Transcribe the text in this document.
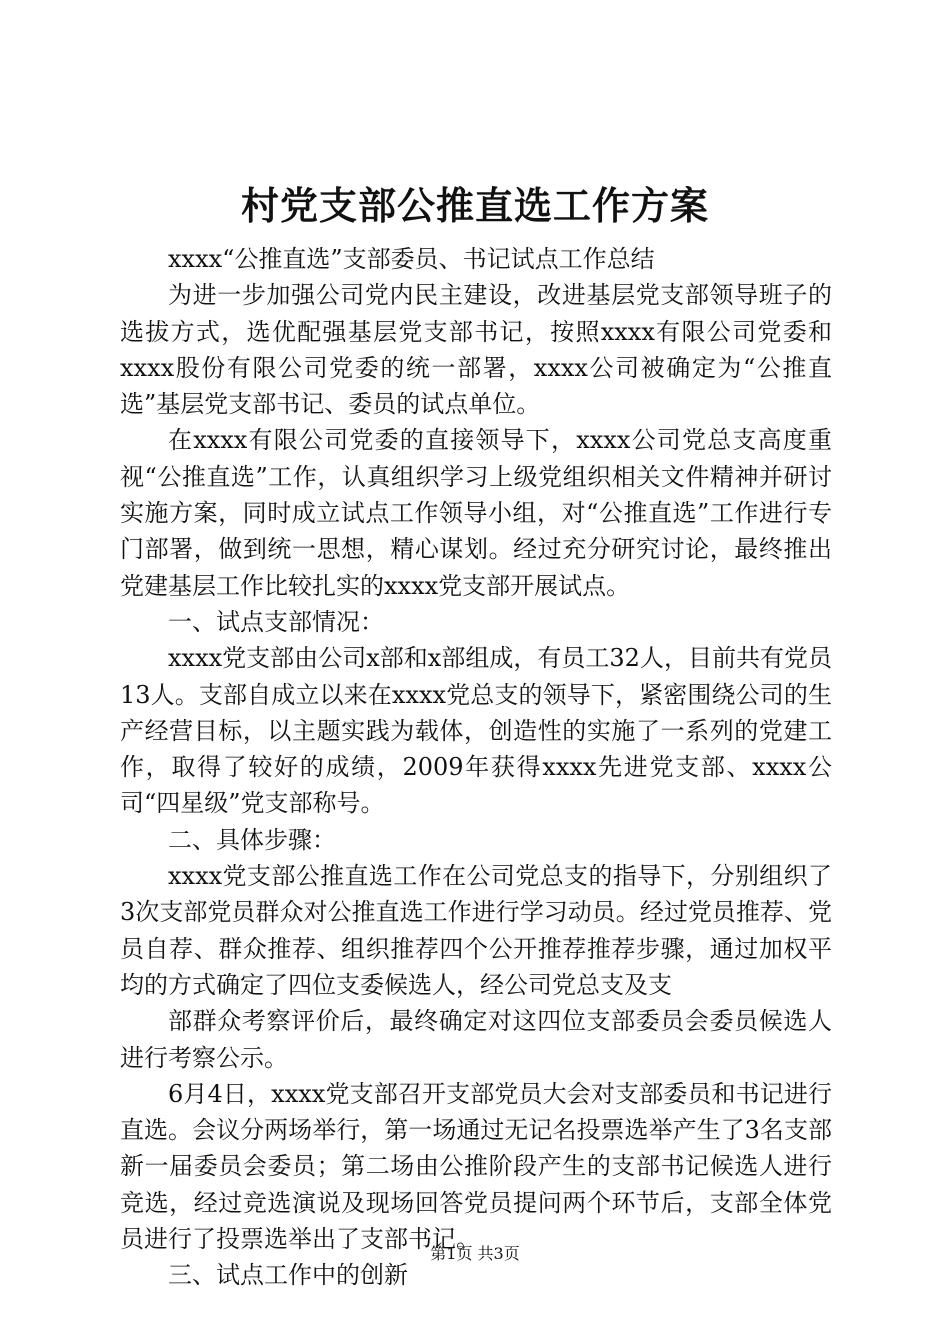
村党支部公推直选工作方案

xxxx“公推直选”支部委员、书记试点工作总结

为进一步加强公司党内民主建设，改进基层党支部领导班子的选拔方式，选优配强基层党支部书记，按照xxxx有限公司党委和xxxx股份有限公司党委的统一部署，xxxx公司被确定为“公推直选”基层党支部书记、委员的试点单位。

在xxxx有限公司党委的直接领导下，xxxx公司党总支高度重视“公推直选”工作，认真组织学习上级党组织相关文件精神并研讨实施方案，同时成立试点工作领导小组，对“公推直选”工作进行专门部署，做到统一思想，精心谋划。经过充分研究讨论，最终推出党建基层工作比较扎实的xxxx党支部开展试点。

一、试点支部情况：

xxxx党支部由公司x部和x部组成，有员工32人，目前共有党员13人。支部自成立以来在xxxx党总支的领导下，紧密围绕公司的生产经营目标，以主题实践为载体，创造性的实施了一系列的党建工作，取得了较好的成绩，2009年获得xxxx先进党支部、xxxx公司“四星级”党支部称号。

二、具体步骤：

xxxx党支部公推直选工作在公司党总支的指导下，分别组织了3次支部党员群众对公推直选工作进行学习动员。经过党员推荐、党员自荐、群众推荐、组织推荐四个公开推荐推荐步骤，通过加权平均的方式确定了四位支委候选人，经公司党总支及支

部群众考察评价后，最终确定对这四位支部委员会委员候选人进行考察公示。

6月4日，xxxx党支部召开支部党员大会对支部委员和书记进行直选。会议分两场举行，第一场通过无记名投票选举产生了3名支部新一届委员会委员；第二场由公推阶段产生的支部书记候选人进行竞选，经过竞选演说及现场回答党员提问两个环节后，支部全体党员进行了投票选举出了支部书记。

三、试点工作中的创新

第1页 共3页
